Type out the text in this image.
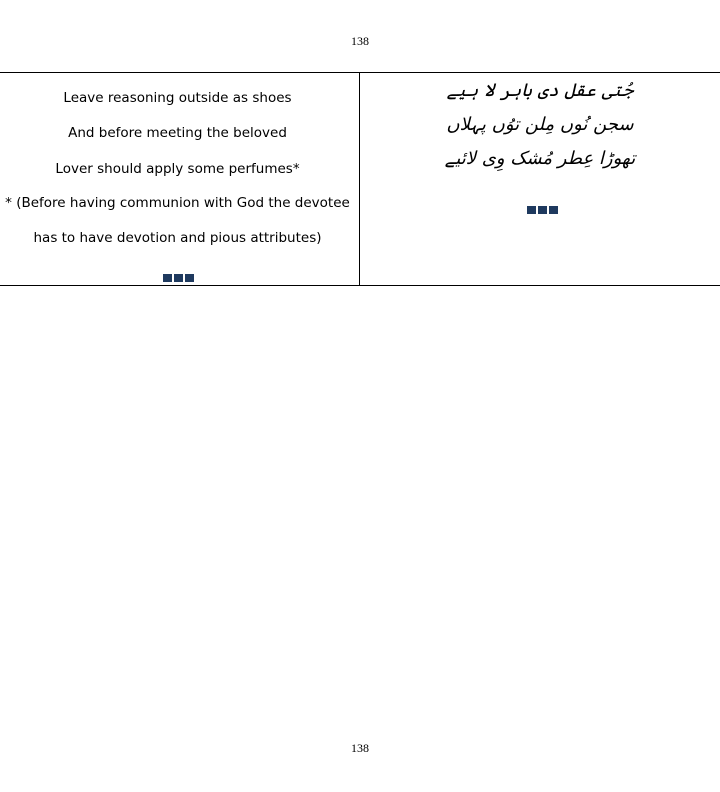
138
Leave reasoning outside as shoes
And before meeting the beloved
Lover should apply some perfumes*
* (Before having communion with God the devotee
has to have devotion and pious attributes)
جُتی عقل دی باہر لا ہیے
سجن نُوں مِلن توُں پہلاں
تھوڑا عِطر مُشک وِی لائیے
138
